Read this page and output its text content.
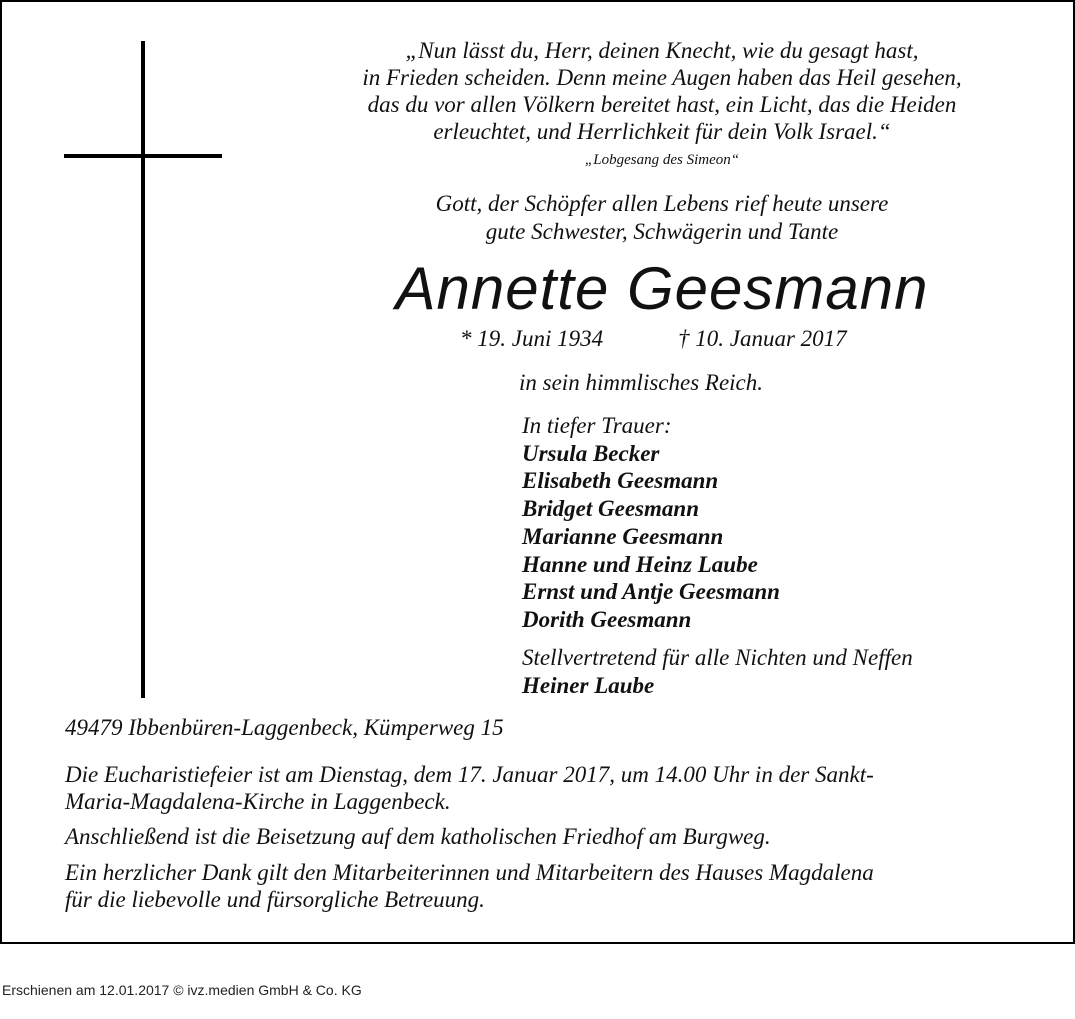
„Nun lässt du, Herr, deinen Knecht, wie du gesagt hast,
in Frieden scheiden. Denn meine Augen haben das Heil gesehen,
das du vor allen Völkern bereitet hast, ein Licht, das die Heiden
erleuchtet, und Herrlichkeit für dein Volk Israel.“
„Lobgesang des Simeon“
Gott, der Schöpfer allen Lebens rief heute unsere
gute Schwester, Schwägerin und Tante
Annette Geesmann
* 19. Juni 1934	† 10. Januar 2017
in sein himmlisches Reich.
In tiefer Trauer:
Ursula Becker
Elisabeth Geesmann
Bridget Geesmann
Marianne Geesmann
Hanne und Heinz Laube
Ernst und Antje Geesmann
Dorith Geesmann
Stellvertretend für alle Nichten und Neffen
Heiner Laube
49479 Ibbenbüren-Laggenbeck, Kümperweg 15
Die Eucharistiefeier ist am Dienstag, dem 17. Januar 2017, um 14.00 Uhr in der Sankt-
Maria-Magdalena-Kirche in Laggenbeck.
Anschließend ist die Beisetzung auf dem katholischen Friedhof am Burgweg.
Ein herzlicher Dank gilt den Mitarbeiterinnen und Mitarbeitern des Hauses Magdalena
für die liebevolle und fürsorgliche Betreuung.
Erschienen am 12.01.2017 © ivz.medien GmbH & Co. KG
